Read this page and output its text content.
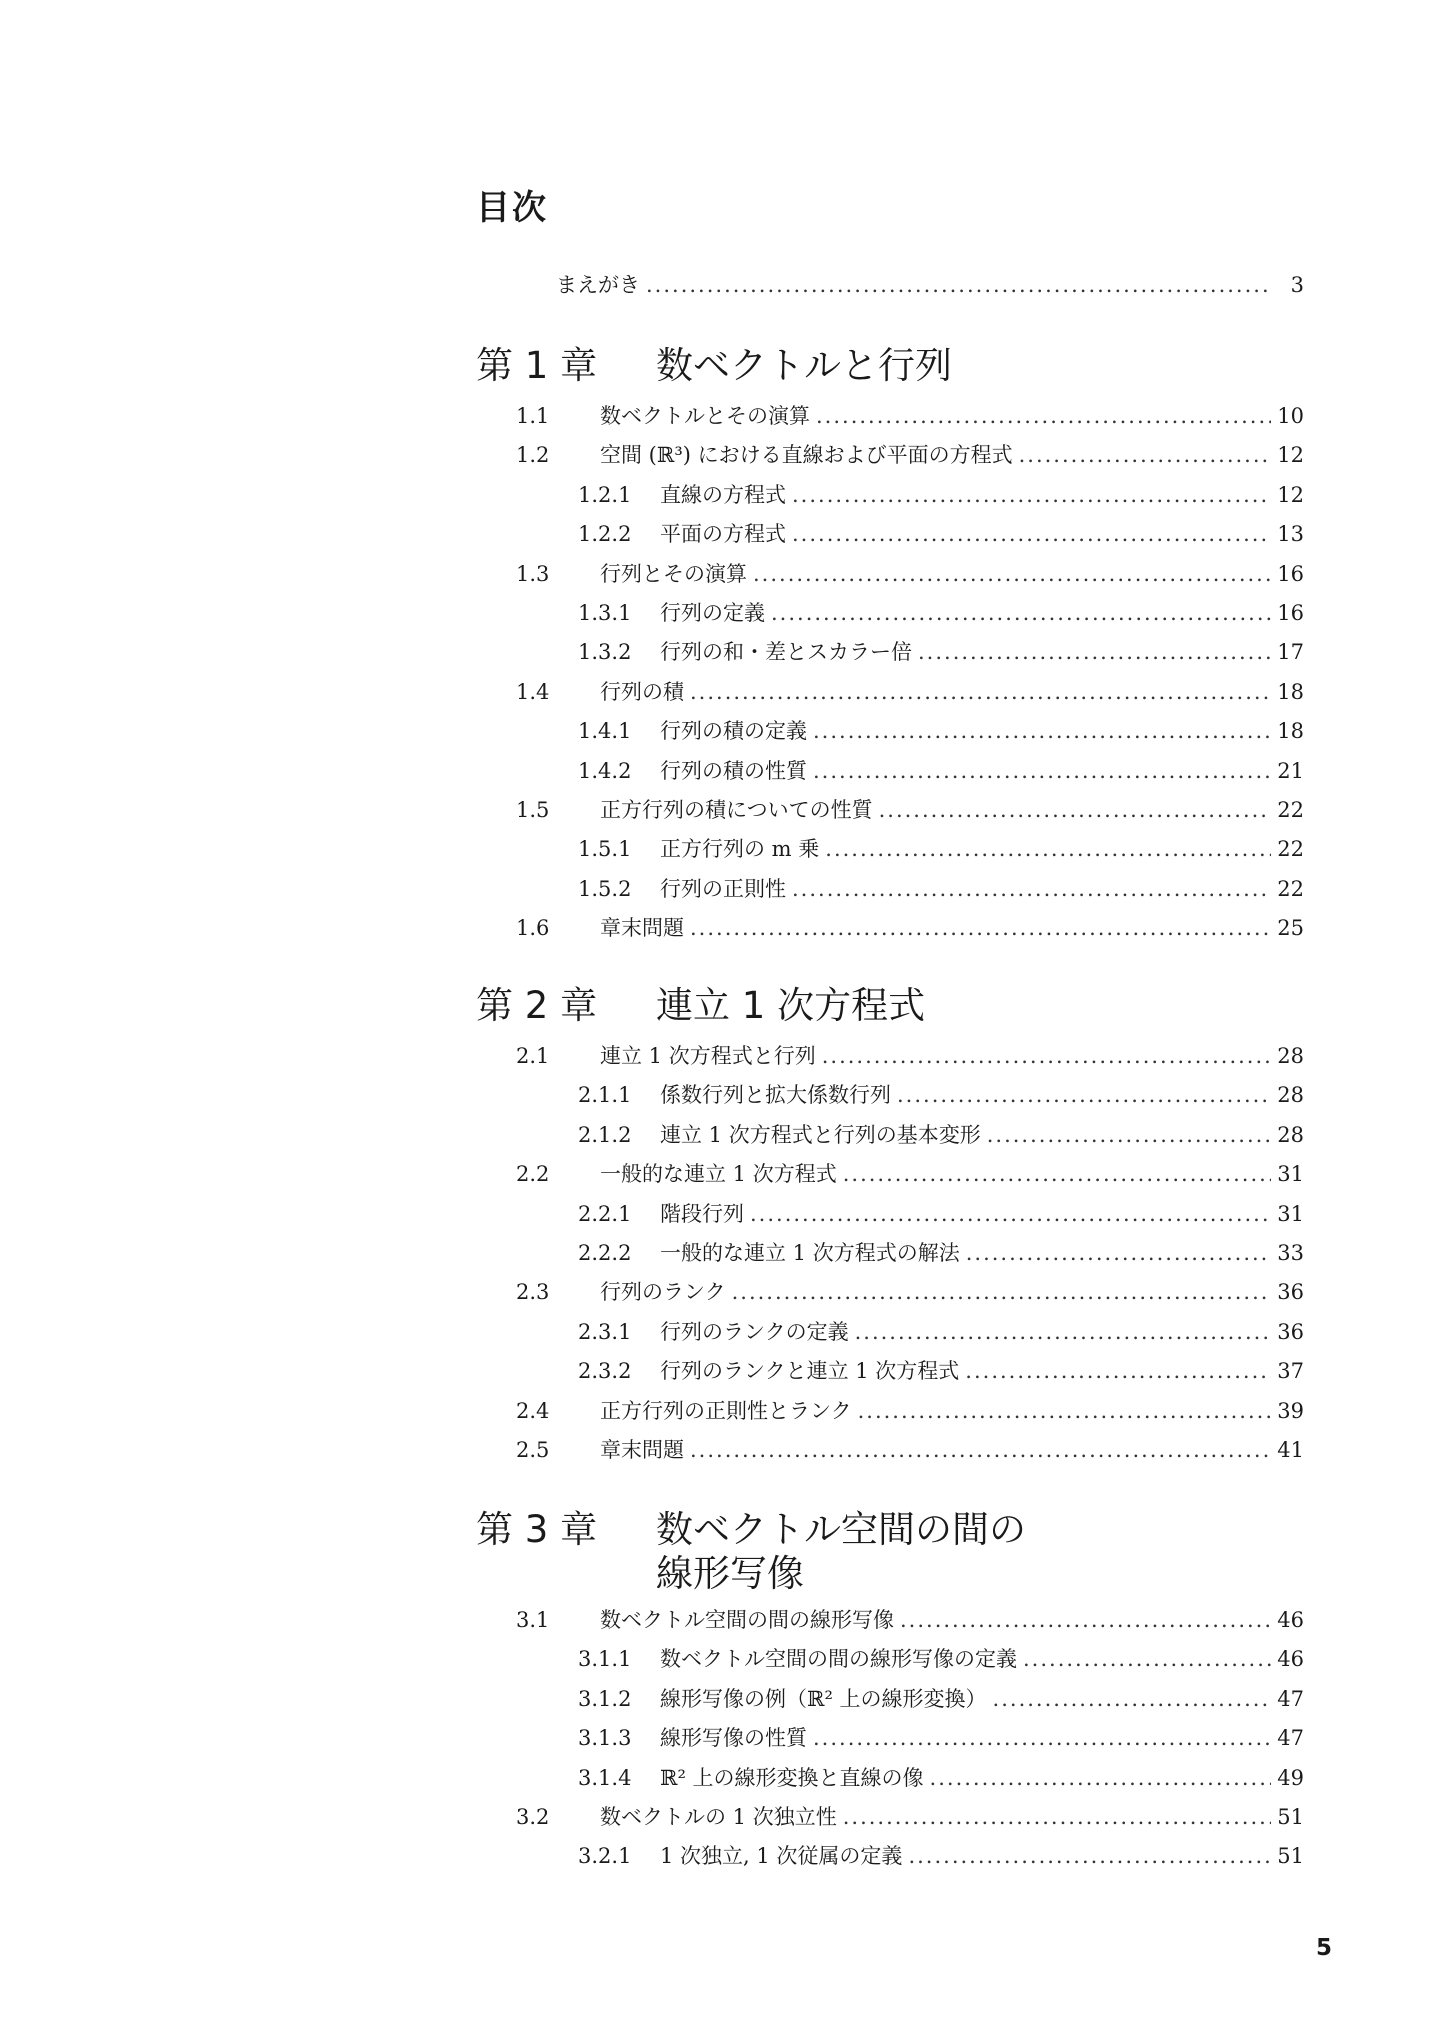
目次
まえがき .....	3
第 1 章	数ベクトルと行列
1.1	数ベクトルとその演算 .....	10
1.2	空間 (ℝ³) における直線および平面の方程式 .....	12
1.2.1	直線の方程式 .....	12
1.2.2	平面の方程式 .....	13
1.3	行列とその演算 .....	16
1.3.1	行列の定義 .....	16
1.3.2	行列の和・差とスカラー倍 .....	17
1.4	行列の積 .....	18
1.4.1	行列の積の定義 .....	18
1.4.2	行列の積の性質 .....	21
1.5	正方行列の積についての性質 .....	22
1.5.1	正方行列の m 乗 .....	22
1.5.2	行列の正則性 .....	22
1.6	章末問題 .....	25
第 2 章	連立 1 次方程式
2.1	連立 1 次方程式と行列 .....	28
2.1.1	係数行列と拡大係数行列 .....	28
2.1.2	連立 1 次方程式と行列の基本変形 .....	28
2.2	一般的な連立 1 次方程式 .....	31
2.2.1	階段行列 .....	31
2.2.2	一般的な連立 1 次方程式の解法 .....	33
2.3	行列のランク .....	36
2.3.1	行列のランクの定義 .....	36
2.3.2	行列のランクと連立 1 次方程式 .....	37
2.4	正方行列の正則性とランク .....	39
2.5	章末問題 .....	41
第 3 章	数ベクトル空間の間の
線形写像
3.1	数ベクトル空間の間の線形写像 .....	46
3.1.1	数ベクトル空間の間の線形写像の定義 .....	46
3.1.2	線形写像の例（ℝ² 上の線形変換） .....	47
3.1.3	線形写像の性質 .....	47
3.1.4	ℝ² 上の線形変換と直線の像 .....	49
3.2	数ベクトルの 1 次独立性 .....	51
3.2.1	1 次独立, 1 次従属の定義 .....	51
5
